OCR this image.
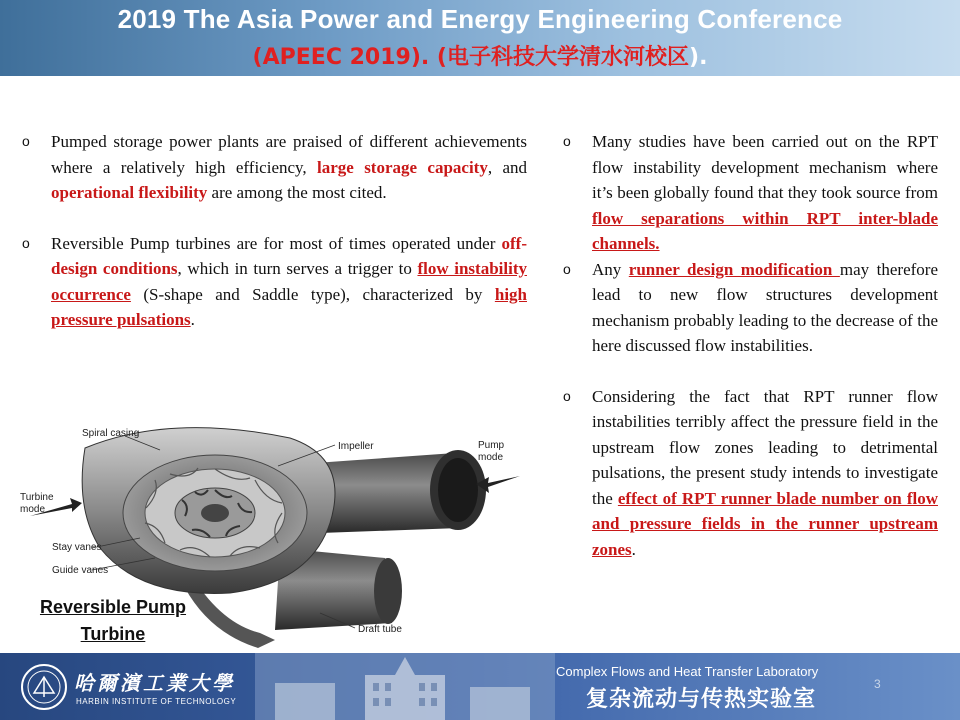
2019 The Asia Power and Energy Engineering Conference
(APEEC 2019). (电子科技大学清水河校区).

o Pumped storage power plants are praised of different achievements where a relatively high efficiency, large storage capacity, and operational flexibility are among the most cited.

o Reversible Pump turbines are for most of times operated under off-design conditions, which in turn serves a trigger to flow instability occurrence (S-shape and Saddle type), characterized by high pressure pulsations.

o Many studies have been carried out on the RPT flow instability development mechanism where it’s been globally found that they took source from flow separations within RPT inter-blade channels.

o Any runner design modification may therefore lead to new flow structures development mechanism probably leading to the decrease of the here discussed flow instabilities.

o Considering the fact that RPT runner flow instabilities terribly affect the pressure field in the upstream flow zones leading to detrimental pulsations, the present study intends to investigate the effect of RPT runner blade number on flow and pressure fields in the runner upstream zones.

Spiral casing
Impeller	Pump
mode
Turbine
mode
Stay vanes
Guide vanes
Draft tube
Reversible Pump
Turbine
哈爾濱工業大學
HARBIN INSTITUTE OF TECHNOLOGY
Complex Flows and Heat Transfer Laboratory
复杂流动与传热实验室
3
